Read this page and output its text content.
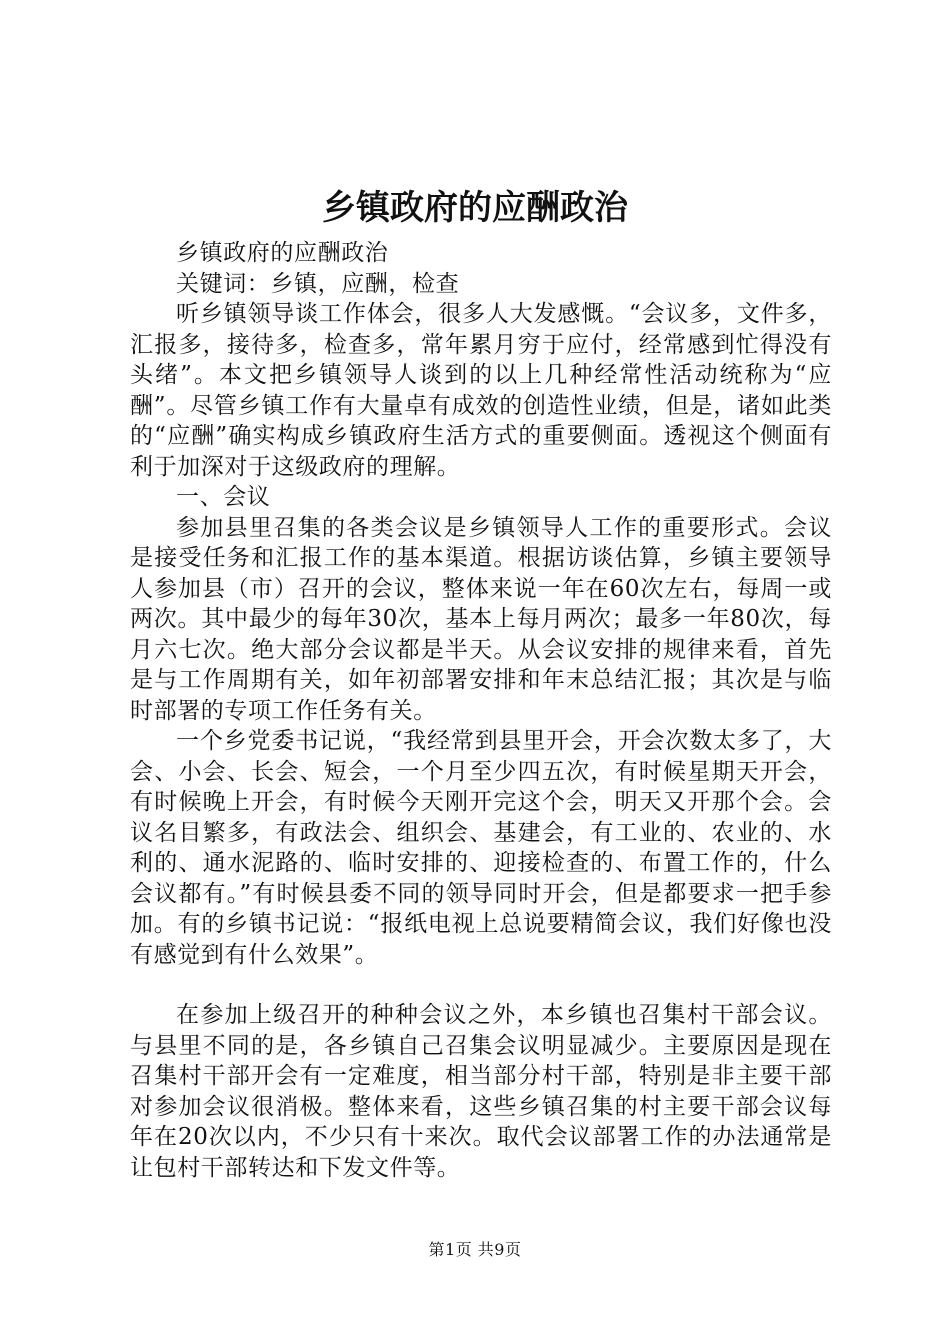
乡镇政府的应酬政治

乡镇政府的应酬政治

关键词：乡镇，应酬，检查

听乡镇领导谈工作体会，很多人大发感慨。“会议多，文件多，汇报多，接待多，检查多，常年累月穷于应付，经常感到忙得没有头绪”。本文把乡镇领导人谈到的以上几种经常性活动统称为“应酬”。尽管乡镇工作有大量卓有成效的创造性业绩，但是，诸如此类的“应酬”确实构成乡镇政府生活方式的重要侧面。透视这个侧面有利于加深对于这级政府的理解。

一、会议

参加县里召集的各类会议是乡镇领导人工作的重要形式。会议是接受任务和汇报工作的基本渠道。根据访谈估算，乡镇主要领导人参加县（市）召开的会议，整体来说一年在60次左右，每周一或两次。其中最少的每年30次，基本上每月两次；最多一年80次，每月六七次。绝大部分会议都是半天。从会议安排的规律来看，首先是与工作周期有关，如年初部署安排和年末总结汇报；其次是与临时部署的专项工作任务有关。

一个乡党委书记说，“我经常到县里开会，开会次数太多了，大会、小会、长会、短会，一个月至少四五次，有时候星期天开会，有时候晚上开会，有时候今天刚开完这个会，明天又开那个会。会议名目繁多，有政法会、组织会、基建会，有工业的、农业的、水利的、通水泥路的、临时安排的、迎接检查的、布置工作的，什么会议都有。”有时候县委不同的领导同时开会，但是都要求一把手参加。有的乡镇书记说：“报纸电视上总说要精简会议，我们好像也没有感觉到有什么效果”。

在参加上级召开的种种会议之外，本乡镇也召集村干部会议。与县里不同的是，各乡镇自己召集会议明显减少。主要原因是现在召集村干部开会有一定难度，相当部分村干部，特别是非主要干部对参加会议很消极。整体来看，这些乡镇召集的村主要干部会议每年在20次以内，不少只有十来次。取代会议部署工作的办法通常是让包村干部转达和下发文件等。

第1页 共9页
